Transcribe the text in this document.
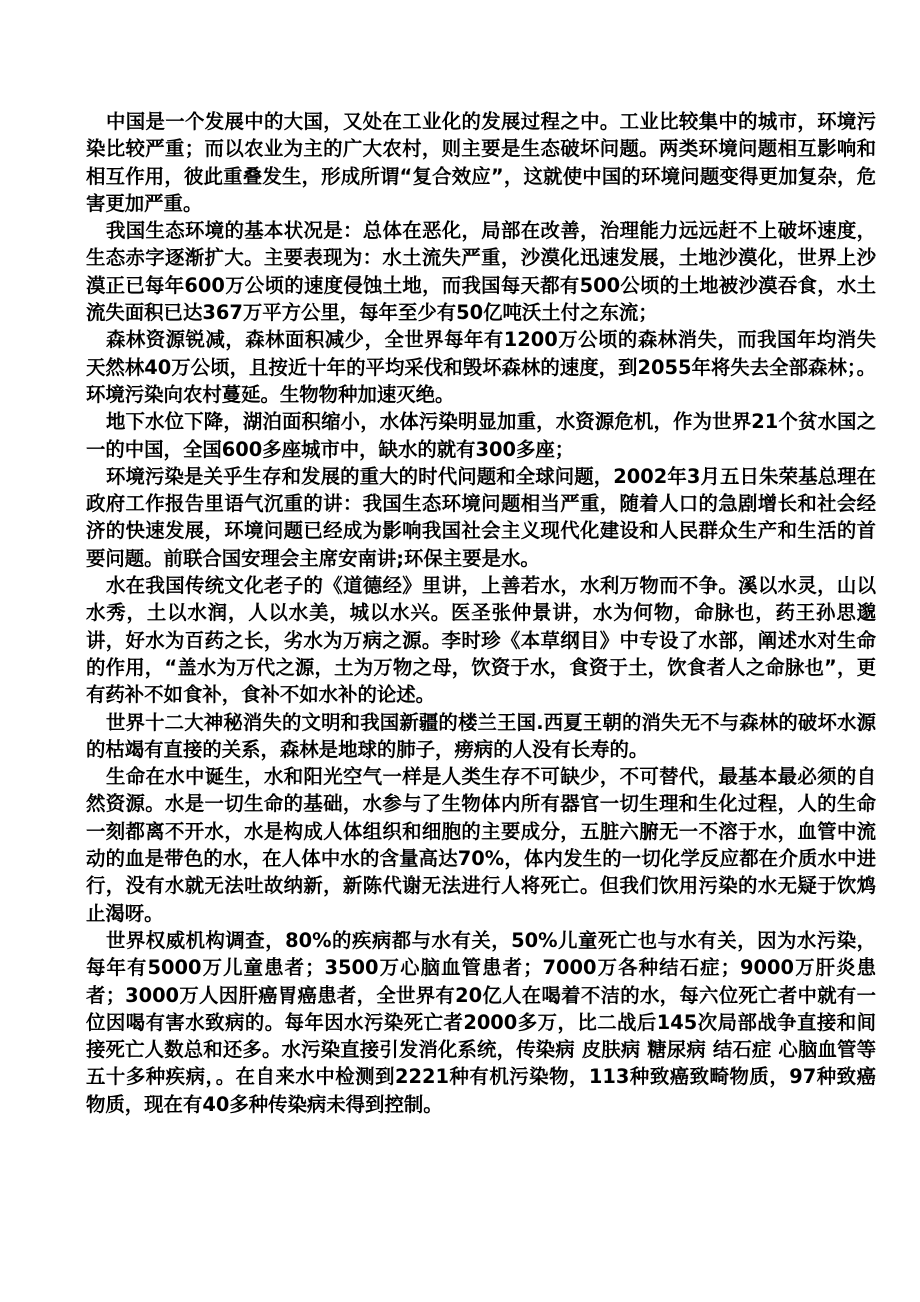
中国是一个发展中的大国，又处在工业化的发展过程之中。工业比较集中的城市，环境污染比较严重；而以农业为主的广大农村，则主要是生态破坏问题。两类环境问题相互影响和相互作用，彼此重叠发生，形成所谓“复合效应”，这就使中国的环境问题变得更加复杂，危害更加严重。

我国生态环境的基本状况是：总体在恶化，局部在改善，治理能力远远赶不上破坏速度，生态赤字逐渐扩大。主要表现为：水土流失严重，沙漠化迅速发展，土地沙漠化，世界上沙漠正已每年600万公顷的速度侵蚀土地，而我国每天都有500公顷的土地被沙漠吞食，水土流失面积已达367万平方公里，每年至少有50亿吨沃土付之东流；

森林资源锐减，森林面积减少，全世界每年有1200万公顷的森林消失，而我国年均消失天然林40万公顷，且按近十年的平均采伐和毁坏森林的速度，到2055年将失去全部森林；。环境污染向农村蔓延。生物物种加速灭绝。

地下水位下降，湖泊面积缩小，水体污染明显加重，水资源危机，作为世界21个贫水国之一的中国，全国600多座城市中，缺水的就有300多座；

环境污染是关乎生存和发展的重大的时代问题和全球问题，2002年3月五日朱荣基总理在政府工作报告里语气沉重的讲：我国生态环境问题相当严重，随着人口的急剧增长和社会经济的快速发展，环境问题已经成为影响我国社会主义现代化建设和人民群众生产和生活的首要问题。前联合国安理会主席安南讲;环保主要是水。

水在我国传统文化老子的《道德经》里讲，上善若水，水利万物而不争。溪以水灵，山以水秀，土以水润，人以水美，城以水兴。医圣张仲景讲，水为何物，命脉也，药王孙思邈讲，好水为百药之长，劣水为万病之源。李时珍《本草纲目》中专设了水部，阐述水对生命的作用，“盖水为万代之源，土为万物之母，饮资于水，食资于土，饮食者人之命脉也”，更有药补不如食补，食补不如水补的论述。

世界十二大神秘消失的文明和我国新疆的楼兰王国.西夏王朝的消失无不与森林的破坏水源的枯竭有直接的关系，森林是地球的肺子，痨病的人没有长寿的。

生命在水中诞生，水和阳光空气一样是人类生存不可缺少，不可替代，最基本最必须的自然资源。水是一切生命的基础，水参与了生物体内所有器官一切生理和生化过程，人的生命一刻都离不开水，水是构成人体组织和细胞的主要成分，五脏六腑无一不溶于水，血管中流动的血是带色的水，在人体中水的含量高达70%，体内发生的一切化学反应都在介质水中进行，没有水就无法吐故纳新，新陈代谢无法进行人将死亡。但我们饮用污染的水无疑于饮鸩止渴呀。

世界权威机构调查，80%的疾病都与水有关，50%儿童死亡也与水有关，因为水污染，每年有5000万儿童患者；3500万心脑血管患者；7000万各种结石症；9000万肝炎患者；3000万人因肝癌胃癌患者，全世界有20亿人在喝着不洁的水，每六位死亡者中就有一位因喝有害水致病的。每年因水污染死亡者2000多万，比二战后145次局部战争直接和间接死亡人数总和还多。水污染直接引发消化系统，传染病 皮肤病 糖尿病 结石症 心脑血管等五十多种疾病，。在自来水中检测到2221种有机污染物，113种致癌致畸物质，97种致癌物质，现在有40多种传染病未得到控制。
